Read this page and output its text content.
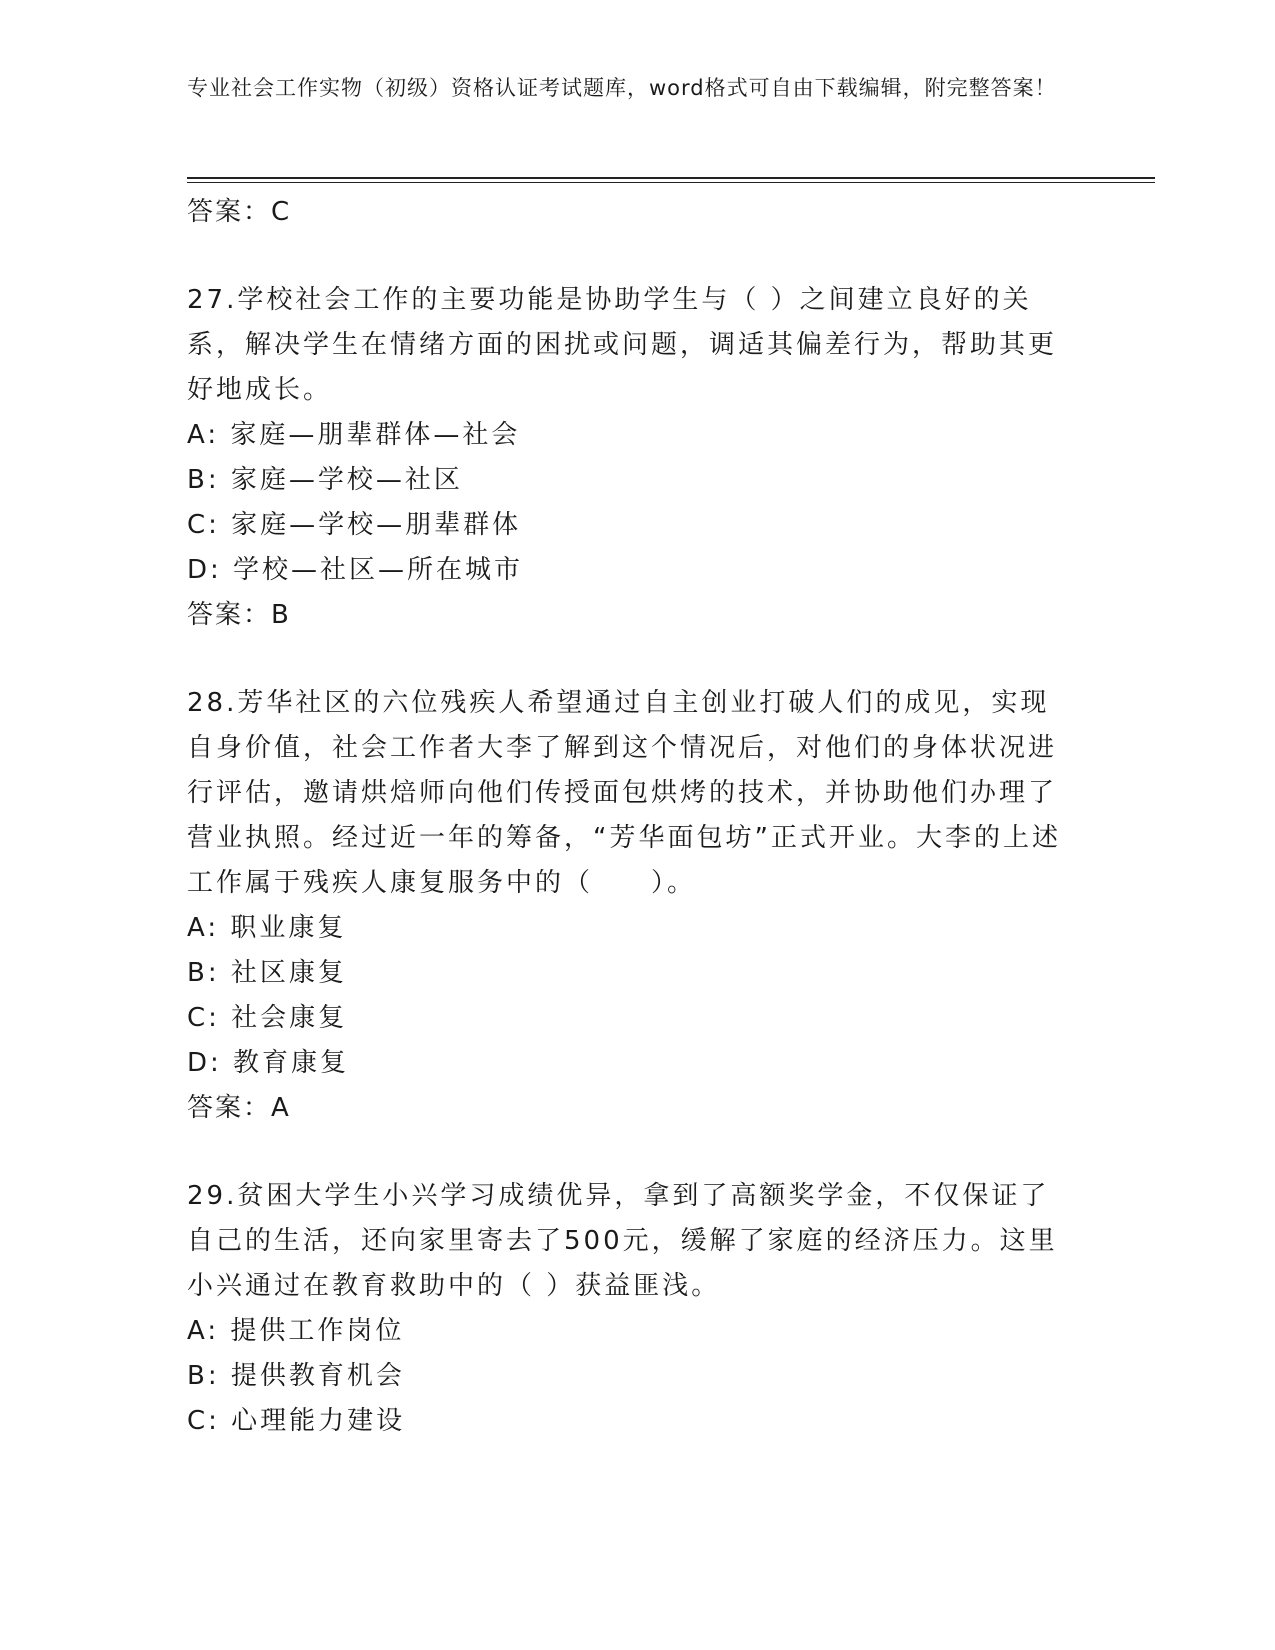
专业社会工作实物（初级）资格认证考试题库，word格式可自由下载编辑，附完整答案！

答案：C

27.学校社会工作的主要功能是协助学生与（ ）之间建立良好的关系，解决学生在情绪方面的困扰或问题，调适其偏差行为，帮助其更好地成长。

A: 家庭—朋辈群体—社会

B: 家庭—学校—社区

C: 家庭—学校—朋辈群体

D: 学校—社区—所在城市

答案：B

28.芳华社区的六位残疾人希望通过自主创业打破人们的成见，实现自身价值，社会工作者大李了解到这个情况后，对他们的身体状况进行评估，邀请烘焙师向他们传授面包烘烤的技术，并协助他们办理了营业执照。经过近一年的筹备，“芳华面包坊”正式开业。大李的上述工作属于残疾人康复服务中的（　　）。

A: 职业康复

B: 社区康复

C: 社会康复

D: 教育康复

答案：A

29.贫困大学生小兴学习成绩优异，拿到了高额奖学金，不仅保证了自己的生活，还向家里寄去了500元，缓解了家庭的经济压力。这里小兴通过在教育救助中的（ ）获益匪浅。

A: 提供工作岗位

B: 提供教育机会

C: 心理能力建设
